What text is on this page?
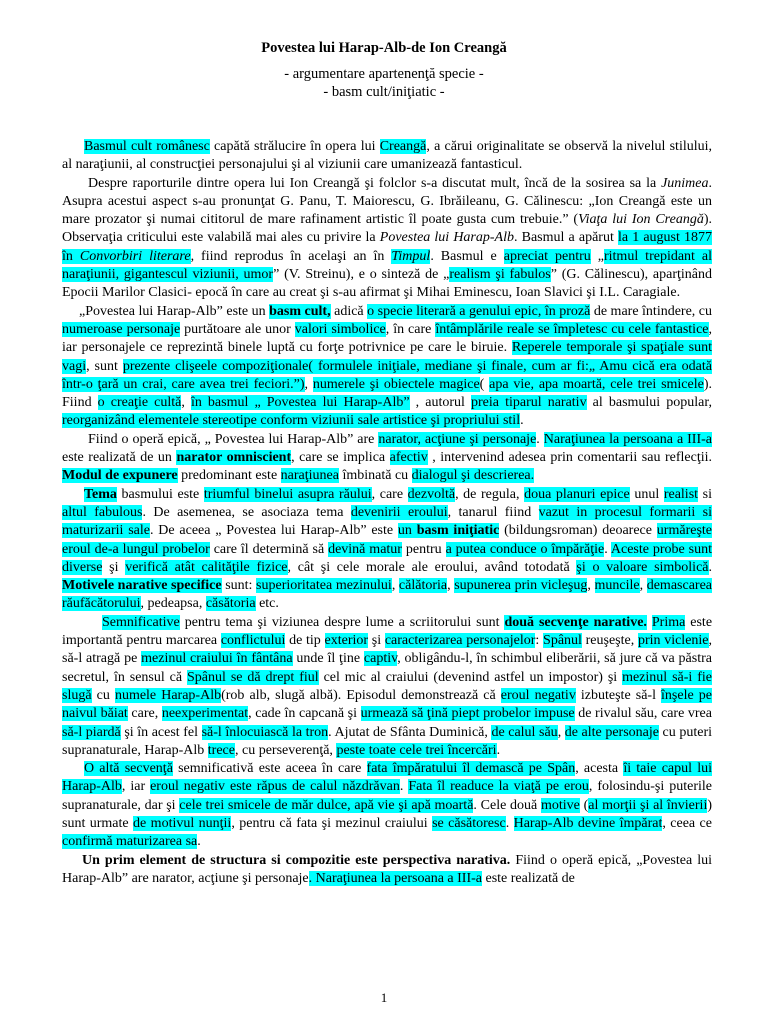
Povestea lui Harap-Alb-de Ion Creangă
- argumentare apartenenţă specie -
- basm cult/iniţiatic -

Basmul cult românesc capătă strălucire în opera lui Creangă, a cărui originalitate se observă la nivelul stilului, al naraţiunii, al construcţiei personajului şi al viziunii care umanizează fantasticul.

Despre raporturile dintre opera lui Ion Creangă şi folclor s-a discutat mult, încă de la sosirea sa la Junimea. Asupra acestui aspect s-au pronunţat G. Panu, T. Maiorescu, G. Ibrăileanu, G. Călinescu: „Ion Creangă este un mare prozator şi numai cititorul de mare rafinament artistic îl poate gusta cum trebuie.” (Viaţa lui Ion Creangă). Observaţia criticului este valabilă mai ales cu privire la Povestea lui Harap-Alb. Basmul a apărut la 1 august 1877 în Convorbiri literare, fiind reprodus în acelaşi an în Timpul. Basmul e apreciat pentru „ritmul trepidant al naraţiunii, gigantescul viziunii, umor” (V. Streinu), e o sinteză de „realism şi fabulos” (G. Călinescu), aparţinând Epocii Marilor Clasici- epocă în care au creat şi s-au afirmat şi Mihai Eminescu, Ioan Slavici şi I.L. Caragiale.

„Povestea lui Harap-Alb” este un basm cult, adică o specie literară a genului epic, în proză de mare întindere, cu numeroase personaje purtătoare ale unor valori simbolice, în care întâmplările reale se împletesc cu cele fantastice, iar personajele ce reprezintă binele luptă cu forţe potrivnice pe care le biruie. Reperele temporale şi spaţiale sunt vagi, sunt prezente clişeele compoziţionale( formulele iniţiale, mediane şi finale, cum ar fi:„ Amu cică era odată într-o ţară un crai, care avea trei feciori.”), numerele şi obiectele magice( apa vie, apa moartă, cele trei smicele). Fiind o creaţie cultă, în basmul „ Povestea lui Harap-Alb” , autorul preia tiparul narativ al basmului popular, reorganizând elementele stereotipe conform viziunii sale artistice şi propriului stil.

Fiind o operă epică, „ Povestea lui Harap-Alb” are narator, acţiune şi personaje. Naraţiunea la persoana a III-a este realizată de un narator omniscient, care se implica afectiv , intervenind adesea prin comentarii sau reflecţii. Modul de expunere predominant este naraţiunea îmbinată cu dialogul şi descrierea.

Tema basmului este triumful binelui asupra răului, care dezvoltă, de regula, doua planuri epice unul realist si altul fabulous. De asemenea, se asociaza tema devenirii eroului, tanarul fiind vazut in procesul formarii si maturizarii sale. De aceea „ Povestea lui Harap-Alb” este un basm iniţiatic (bildungsroman) deoarece urmăreşte eroul de-a lungul probelor care îl determină să devină matur pentru a putea conduce o împărăţie. Aceste probe sunt diverse şi verifică atât calităţile fizice, cât şi cele morale ale eroului, având totodată şi o valoare simbolică. Motivele narative specifice sunt: superioritatea mezinului, călătoria, supunerea prin vicleşug, muncile, demascarea răufăcătorului, pedeapsa, căsătoria etc.

Semnificative pentru tema şi viziunea despre lume a scriitorului sunt două secvenţe narative. Prima este importantă pentru marcarea conflictului de tip exterior şi caracterizarea personajelor: Spânul reuşeşte, prin viclenie, să-l atragă pe mezinul craiului în fântâna unde îl ţine captiv, obligându-l, în schimbul eliberării, să jure că va păstra secretul, în sensul că Spânul se dă drept fiul cel mic al craiului (devenind astfel un impostor) şi mezinul să-i fie slugă cu numele Harap-Alb(rob alb, slugă albă). Episodul demonstrează că eroul negativ izbuteşte să-l înşele pe naivul băiat care, neexperimentat, cade în capcană şi urmează să ţină piept probelor impuse de rivalul său, care vrea să-l piardă şi în acest fel să-l înlocuiască la tron. Ajutat de Sfânta Duminică, de calul său, de alte personaje cu puteri supranaturale, Harap-Alb trece, cu perseverenţă, peste toate cele trei încercări.

O altă secvenţă semnificativă este aceea în care fata împăratului îl demască pe Spân, acesta îi taie capul lui Harap-Alb, iar eroul negativ este răpus de calul năzdrăvan. Fata îl readuce la viaţă pe erou, folosindu-şi puterile supranaturale, dar şi cele trei smicele de măr dulce, apă vie şi apă moartă. Cele două motive (al morţii şi al învierii) sunt urmate de motivul nunţii, pentru că fata şi mezinul craiului se căsătoresc. Harap-Alb devine împărat, ceea ce confirmă maturizarea sa.

Un prim element de structura si compozitie este perspectiva narativa. Fiind o operă epică, „Povestea lui Harap-Alb” are narator, acţiune şi personaje. Naraţiunea la persoana a III-a este realizată de

1
